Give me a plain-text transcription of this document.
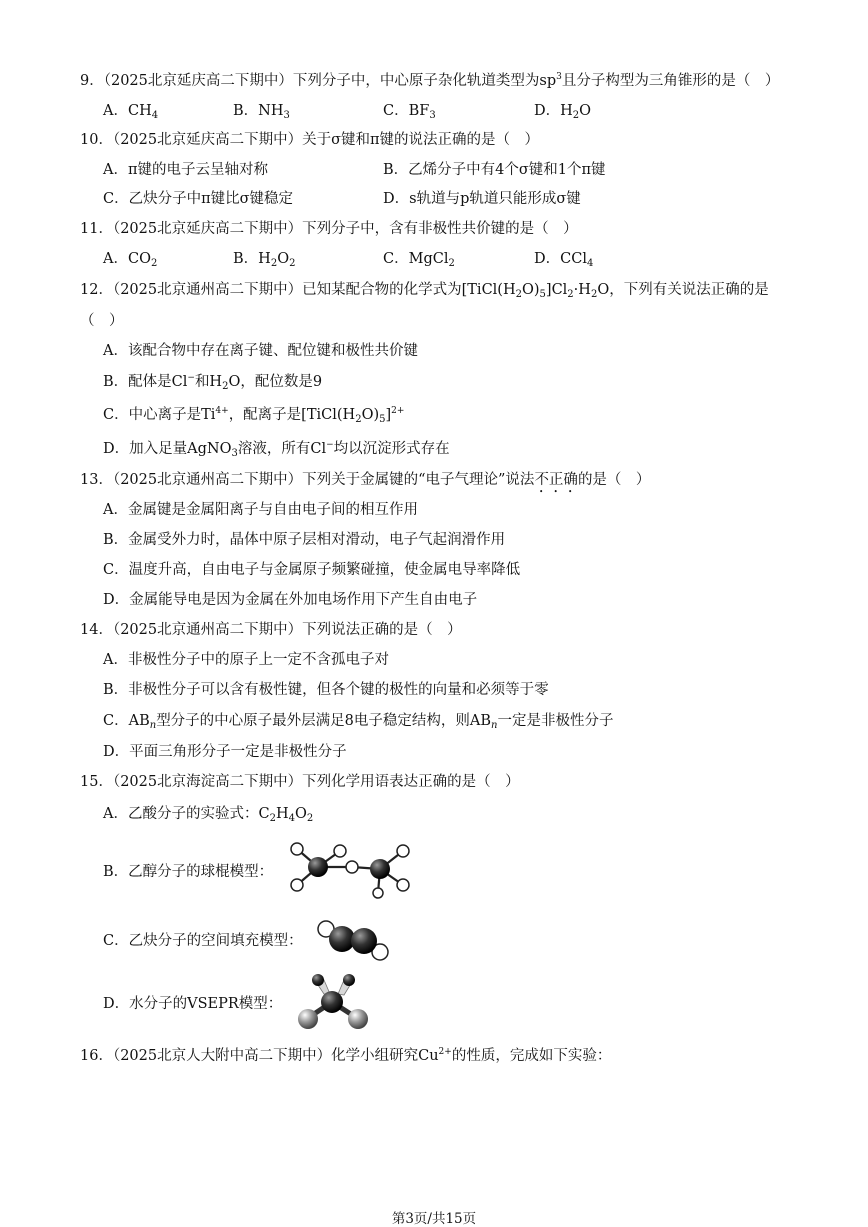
9．（2025北京延庆高二下期中）下列分子中，中心原子杂化轨道类型为$sp^3$且分子构型为三角锥形的是（　）
A．$CH_4$	B．$NH_3$	C．$BF_3$	D．$H_2O$
10．（2025北京延庆高二下期中）关于σ键和π键的说法正确的是（　）
A．π键的电子云呈轴对称	B．乙烯分子中有4个σ键和1个π键
C．乙炔分子中π键比σ键稳定	D．s轨道与p轨道只能形成σ键
11．（2025北京延庆高二下期中）下列分子中，含有非极性共价键的是（　）
A．$CO_2$	B．$H_2O_2$	C．MgCl$_2$	D．CCl$_4$
12．（2025北京通州高二下期中）已知某配合物的化学式为$[TiCl(H_2O)_5]Cl_2\cdot H_2O$，下列有关说法正确的是
（　）
A．该配合物中存在离子键、配位键和极性共价键
B．配体是Cl−和$H_2O$，配位数是9
C．中心离子是$Ti^{4+}$，配离子是$[TiCl(H_2O)_5]^{2+}$
D．加入足量AgNO$_3$溶液，所有Cl−均以沉淀形式存在
13．（2025北京通州高二下期中）下列关于金属键的“电子气理论”说法不正确的是（　）
A．金属键是金属阳离子与自由电子间的相互作用
B．金属受外力时，晶体中原子层相对滑动，电子气起润滑作用
C．温度升高，自由电子与金属原子频繁碰撞，使金属电导率降低
D．金属能导电是因为金属在外加电场作用下产生自由电子
14．（2025北京通州高二下期中）下列说法正确的是（　）
A．非极性分子中的原子上一定不含孤电子对
B．非极性分子可以含有极性键，但各个键的极性的向量和必须等于零
C．$AB_n$型分子的中心原子最外层满足8电子稳定结构，则$AB_n$一定是非极性分子
D．平面三角形分子一定是非极性分子
15．（2025北京海淀高二下期中）下列化学用语表达正确的是（　）
A．乙酸分子的实验式：$C_2H_4O_2$
B．乙醇分子的球棍模型：
C．乙炔分子的空间填充模型：
D．水分子的VSEPR模型：
16．（2025北京人大附中高二下期中）化学小组研究$Cu^{2+}$的性质，完成如下实验：
第3页/共15页
